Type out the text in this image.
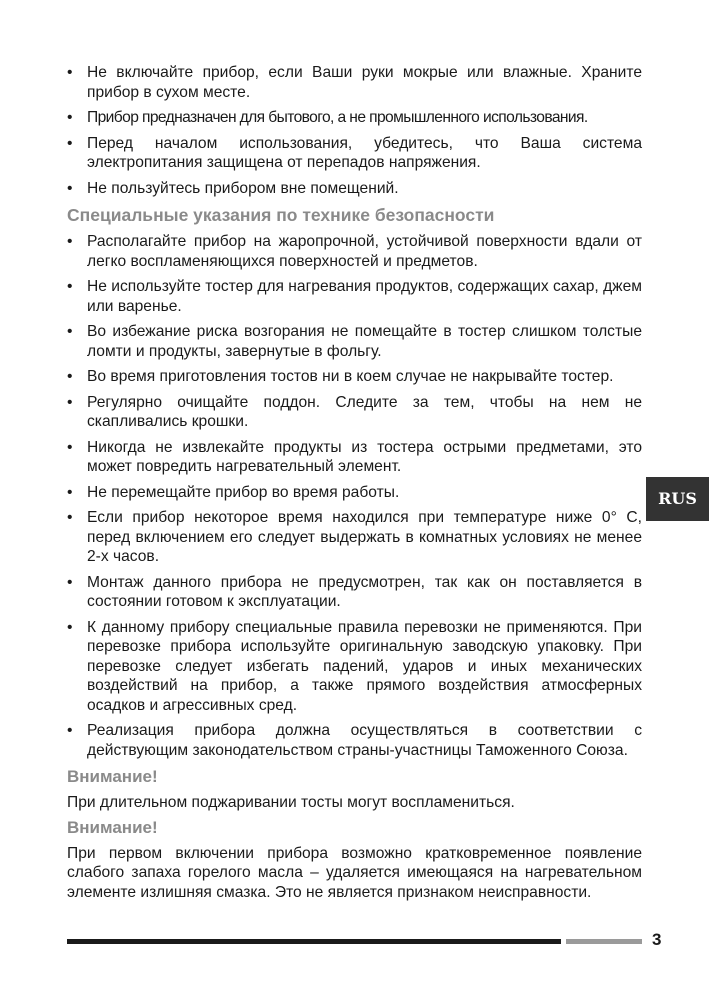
• Не включайте прибор, если Ваши руки мокрые или влажные. Храните прибор в сухом месте.
• Прибор предназначен для бытового, а не промышленного использования.
• Перед началом использования, убедитесь, что Ваша система электропитания защищена от перепадов напряжения.
• Не пользуйтесь прибором вне помещений.
Специальные указания по технике безопасности
• Располагайте прибор на жаропрочной, устойчивой поверхности вдали от легко воспламеняющихся поверхностей и предметов.
• Не используйте тостер для нагревания продуктов, содержащих сахар, джем или варенье.
• Во избежание риска возгорания не помещайте в тостер слишком толстые ломти и продукты, завернутые в фольгу.
• Во время приготовления тостов ни в коем случае не накрывайте тостер.
• Регулярно очищайте поддон. Следите за тем, чтобы на нем не скапливались крошки.
• Никогда не извлекайте продукты из тостера острыми предметами, это может повредить нагревательный элемент.
• Не перемещайте прибор во время работы.
• Если прибор некоторое время находился при температуре ниже 0° С, перед включением его следует выдержать в комнатных условиях не менее 2-х часов.
• Монтаж данного прибора не предусмотрен, так как он поставляется в состоянии готовом к эксплуатации.
• К данному прибору специальные правила перевозки не применяются. При перевозке прибора используйте оригинальную заводскую упаковку. При перевозке следует избегать падений, ударов и иных механических воздействий на прибор, а также прямого воздействия атмосферных осадков и агрессивных сред.
• Реализация прибора должна осуществляться в соответствии с действующим законодательством страны-участницы Таможенного Союза.
Внимание!

При длительном поджаривании тосты могут воспламениться.

Внимание!

При первом включении прибора возможно кратковременное появление слабого запаха горелого масла – удаляется имеющаяся на нагревательном элементе излишняя смазка. Это не является признаком неисправности.

RUS
3
